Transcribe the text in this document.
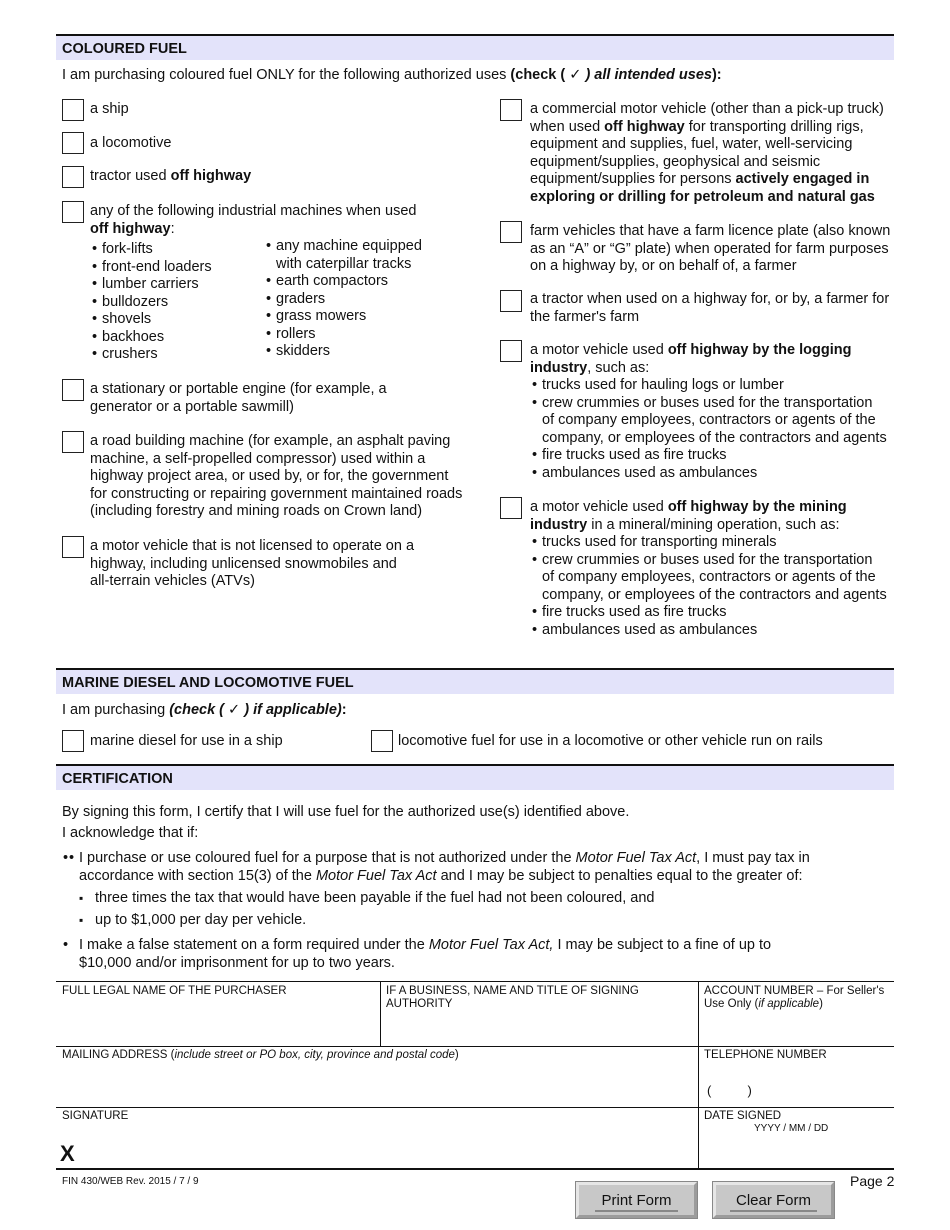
COLOURED FUEL
I am purchasing coloured fuel ONLY for the following authorized uses (check ( ✓ ) all intended uses):
a ship
a locomotive
tractor used off highway
any of the following industrial machines when used
off highway:
• fork-lifts
• front-end loaders
• lumber carriers
• bulldozers
• shovels
• backhoes
• crushers
• any machine equipped
with caterpillar tracks
• earth compactors
• graders
• grass mowers
• rollers
• skidders
a stationary or portable engine (for example, a
generator or a portable sawmill)
a road building machine (for example, an asphalt paving
machine, a self-propelled compressor) used within a
highway project area, or used by, or for, the government
for constructing or repairing government maintained roads
(including forestry and mining roads on Crown land)
a motor vehicle that is not licensed to operate on a
highway, including unlicensed snowmobiles and
all-terrain vehicles (ATVs)
a commercial motor vehicle (other than a pick-up truck)
when used off highway for transporting drilling rigs,
equipment and supplies, fuel, water, well-servicing
equipment/supplies, geophysical and seismic
equipment/supplies for persons actively engaged in
exploring or drilling for petroleum and natural gas
farm vehicles that have a farm licence plate (also known
as an “A” or “G” plate) when operated for farm purposes
on a highway by, or on behalf of, a farmer
a tractor when used on a highway for, or by, a farmer for
the farmer's farm
a motor vehicle used off highway by the logging
industry, such as:
• trucks used for hauling logs or lumber
• crew crummies or buses used for the transportation
of company employees, contractors or agents of the
company, or employees of the contractors and agents
• fire trucks used as fire trucks
• ambulances used as ambulances
a motor vehicle used off highway by the mining
industry in a mineral/mining operation, such as:
• trucks used for transporting minerals
• crew crummies or buses used for the transportation
of company employees, contractors or agents of the
company, or employees of the contractors and agents
• fire trucks used as fire trucks
• ambulances used as ambulances
MARINE DIESEL AND LOCOMOTIVE FUEL
I am purchasing (check ( ✓ ) if applicable):
marine diesel for use in a ship	locomotive fuel for use in a locomotive or other vehicle run on rails
CERTIFICATION
By signing this form, I certify that I will use fuel for the authorized use(s) identified above.
I acknowledge that if:
• • I purchase or use coloured fuel for a purpose that is not authorized under the Motor Fuel Tax Act, I must pay tax in
accordance with section 15(3) of the Motor Fuel Tax Act and I may be subject to penalties equal to the greater of:
▪ three times the tax that would have been payable if the fuel had not been coloured, and
▪ up to $1,000 per day per vehicle.
• I make a false statement on a form required under the Motor Fuel Tax Act, I may be subject to a fine of up to
$10,000 and/or imprisonment for up to two years.
FULL LEGAL NAME OF THE PURCHASER	IF A BUSINESS, NAME AND TITLE OF SIGNING AUTHORITY
ACCOUNT NUMBER – For Seller's
Use Only (if applicable)
MAILING ADDRESS (include street or PO box, city, province and postal code)	TELEPHONE NUMBER
(          )
SIGNATURE
X
DATE SIGNED
YYYY / MM / DD
FIN 430/WEB Rev. 2015 / 7 / 9	Page 2
Print Form	Clear Form
